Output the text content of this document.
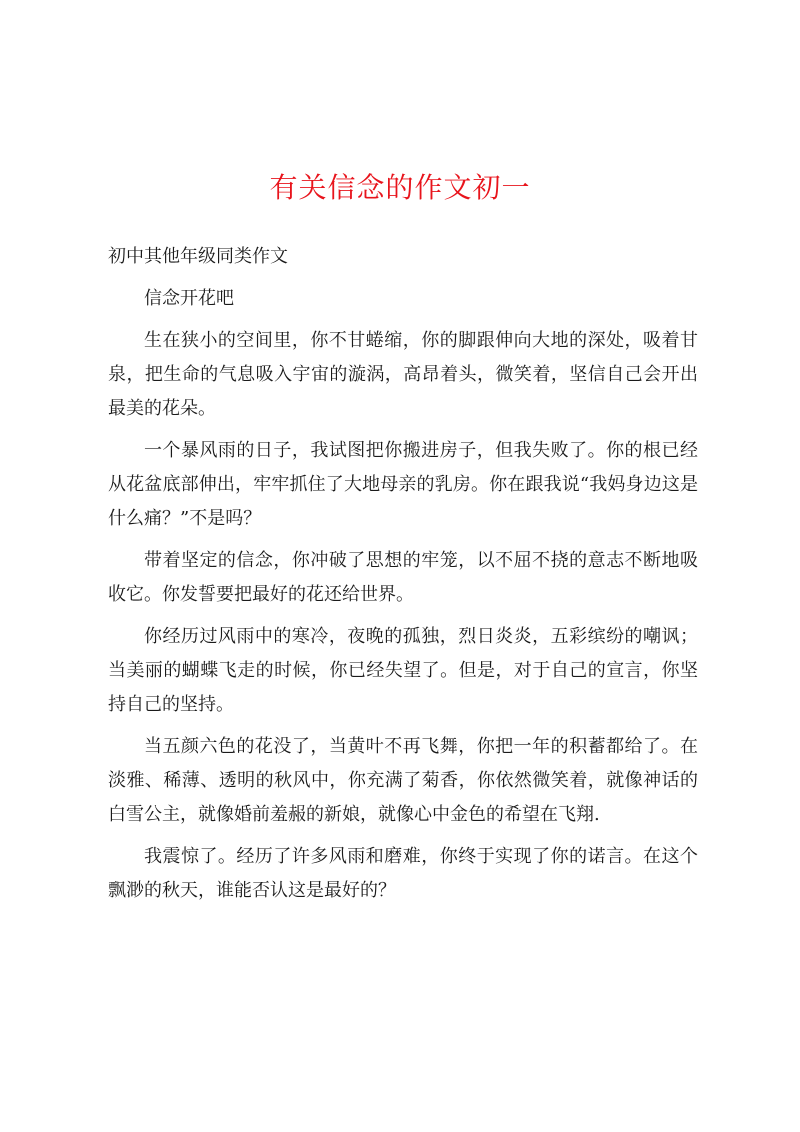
有关信念的作文初一

初中其他年级同类作文

信念开花吧

生在狭小的空间里，你不甘蜷缩，你的脚跟伸向大地的深处，吸着甘泉，把生命的气息吸入宇宙的漩涡，高昂着头，微笑着，坚信自己会开出最美的花朵。

一个暴风雨的日子，我试图把你搬进房子，但我失败了。你的根已经从花盆底部伸出，牢牢抓住了大地母亲的乳房。你在跟我说“我妈身边这是什么痛？”不是吗？

带着坚定的信念，你冲破了思想的牢笼，以不屈不挠的意志不断地吸收它。你发誓要把最好的花还给世界。

你经历过风雨中的寒冷，夜晚的孤独，烈日炎炎，五彩缤纷的嘲讽；当美丽的蝴蝶飞走的时候，你已经失望了。但是，对于自己的宣言，你坚持自己的坚持。

当五颜六色的花没了，当黄叶不再飞舞，你把一年的积蓄都给了。在淡雅、稀薄、透明的秋风中，你充满了菊香，你依然微笑着，就像神话的白雪公主，就像婚前羞赧的新娘，就像心中金色的希望在飞翔.

我震惊了。经历了许多风雨和磨难，你终于实现了你的诺言。在这个飘渺的秋天，谁能否认这是最好的？
